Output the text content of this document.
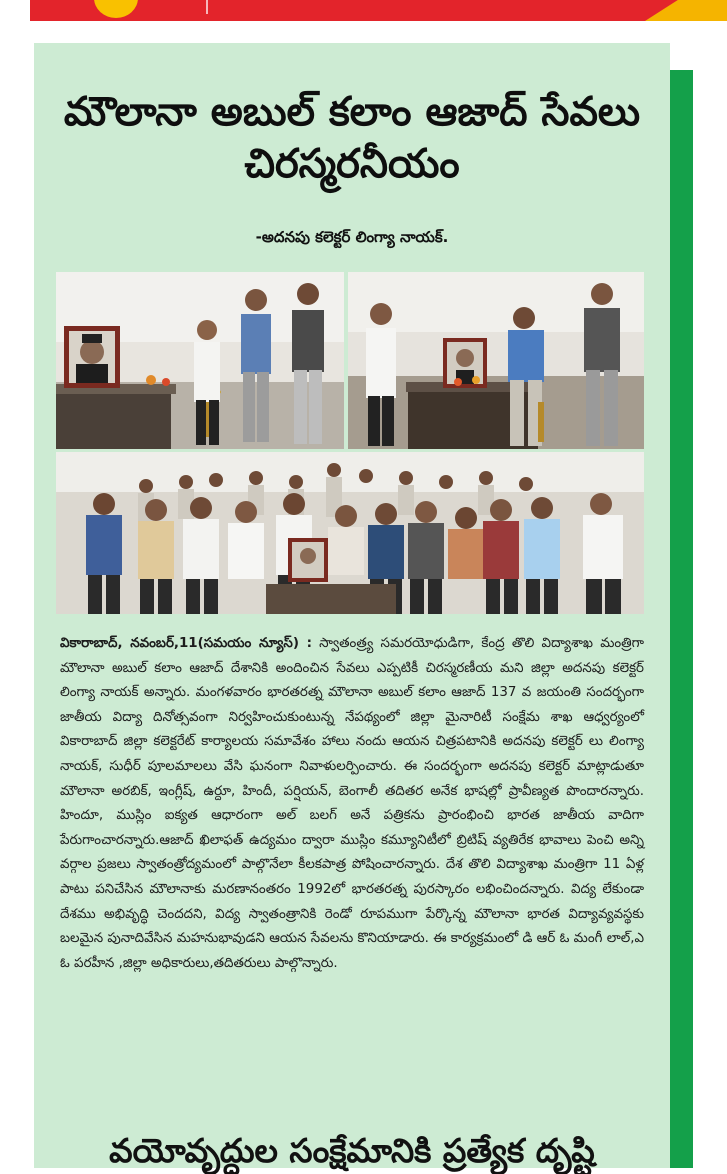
మౌలానా అబుల్ కలాం ఆజాద్ సేవలు చిరస్మరనీయం
-అదనపు కలెక్టర్ లింగ్యా నాయక్.

వికారాబాద్, నవంబర్,11(సమయం న్యూస్) : స్వాతంత్ర్య సమరయోధుడిగా, కేంద్ర తొలి విద్యాశాఖ మంత్రిగా మౌలానా అబుల్ కలాం ఆజాద్ దేశానికి అందించిన సేవలు ఎప్పటికీ చిరస్మరణీయ మని జిల్లా అదనపు కలెక్టర్ లింగ్యా నాయక్ అన్నారు. మంగళవారం భారతరత్న మౌలానా అబుల్ కలాం ఆజాద్ 137 వ జయంతి సందర్భంగా జాతీయ విద్యా దినోత్సవంగా నిర్వహించుకుంటున్న నేపథ్యంలో జిల్లా మైనారిటీ సంక్షేమ శాఖ ఆధ్వర్యంలో వికారాబాద్ జిల్లా కలెక్టరేట్ కార్యాలయ సమావేశం హాలు నందు ఆయన చిత్రపటానికి అదనపు కలెక్టర్ లు లింగ్యా నాయక్, సుధీర్ పూలమాలలు వేసి ఘనంగా నివాళులర్పించారు. ఈ సందర్భంగా అదనపు కలెక్టర్ మాట్లాడుతూ మౌలానా అరబిక్, ఇంగ్లీష్, ఉర్దూ, హిందీ, పర్షియన్, బెంగాలీ తదితర అనేక భాషల్లో ప్రావీణ్యత పొందారన్నారు. హిందూ, ముస్లిం ఐక్యత ఆధారంగా అల్ బలగ్ అనే పత్రికను ప్రారంభించి భారత జాతీయ వాదిగా పేరుగాంచారన్నారు.ఆజాద్ ఖిలాఫత్ ఉద్యమం ద్వారా ముస్లిం కమ్యూనిటీలో బ్రిటిష్ వ్యతిరేక భావాలు పెంచి అన్ని వర్గాల ప్రజలు స్వాతంత్రోద్యమంలో పాల్గొనేలా కీలకపాత్ర పోషించారన్నారు. దేశ తొలి విద్యాశాఖ మంత్రిగా 11 ఏళ్ల పాటు పనిచేసిన మౌలానాకు మరణానంతరం 1992లో భారతరత్న పురస్కారం లభించిందన్నారు. విద్య లేకుండా దేశము అభివృద్ధి చెందదని, విద్య స్వాతంత్రానికి రెండో రూపముగా పేర్కొన్న మౌలానా భారత విద్యావ్యవస్థకు బలమైన పునాదివేసిన మహనుభావుడని ఆయన సేవలను కొనియాడారు. ఈ కార్యక్రమంలో డి ఆర్ ఓ మంగీ లాల్,ఎ ఓ పరహీన ,జిల్లా అధికారులు,తదితరులు పాల్గొన్నారు.

వయోవృద్ధుల సంక్షేమానికి ప్రత్యేక దృష్టి
